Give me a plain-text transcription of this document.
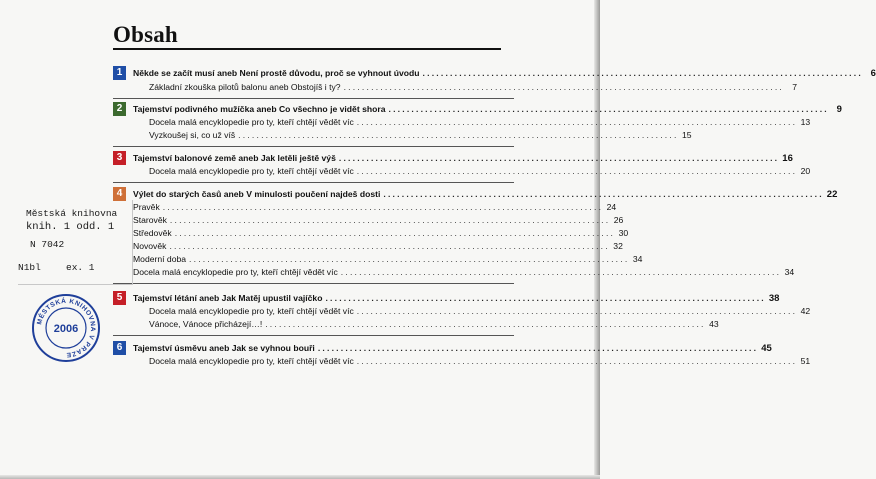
Obsah
1	Někde se začít musí aneb Není prostě důvodu, proč se vyhnout úvodu ................................................................................................ 6
Základní zkouška pilotů balonu aneb Obstojíš i ty? ................................................................................................ 7
2	Tajemství podivného mužíčka aneb Co všechno je vidět shora ................................................................................................ 9
Docela malá encyklopedie pro ty, kteří chtějí vědět víc ................................................................................................ 13
Vyzkoušej si, co už víš ................................................................................................ 15
3	Tajemství balonové země aneb Jak letěli ještě výš ................................................................................................ 16
Docela malá encyklopedie pro ty, kteří chtějí vědět víc ................................................................................................ 20
4	Výlet do starých časů aneb V minulosti poučení najdeš dosti ................................................................................................ 22
Pravěk ................................................................................................ 24
Starověk ................................................................................................ 26
Středověk ................................................................................................ 30
Novověk ................................................................................................ 32
Moderní doba ................................................................................................ 34
Docela malá encyklopedie pro ty, kteří chtějí vědět víc ................................................................................................ 34
5	Tajemství létání aneb Jak Matěj upustil vajíčko ................................................................................................ 38
Docela malá encyklopedie pro ty, kteří chtějí vědět víc ................................................................................................ 42
Vánoce, Vánoce přicházejí…! ................................................................................................ 43
6	Tajemství úsměvu aneb Jak se vyhnou bouři ................................................................................................ 45
Docela malá encyklopedie pro ty, kteří chtějí vědět víc ................................................................................................ 51
Městská knihovna
knih. 1 odd. 1
N 7042
N1bl	ex. 1
MĚSTSKÁ KNIHOVNA V PRAZE
2006
